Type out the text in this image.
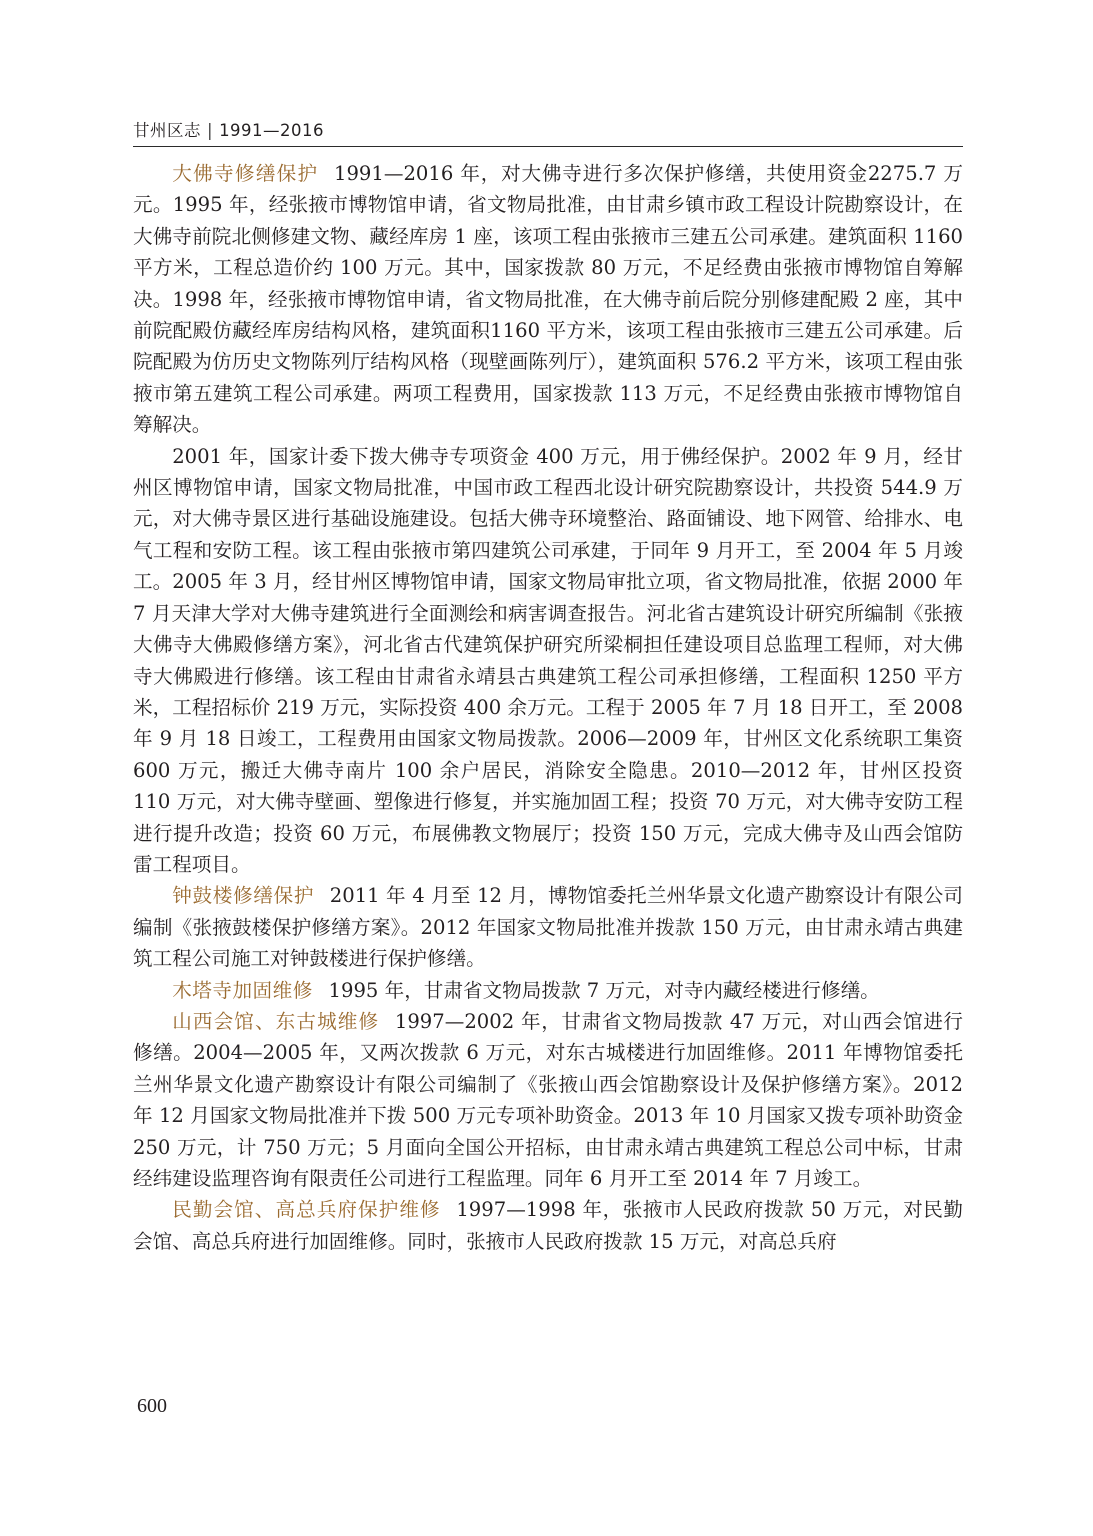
甘州区志 | 1991—2016

大佛寺修缮保护 1991—2016 年，对大佛寺进行多次保护修缮，共使用资金2275.7 万元。1995 年，经张掖市博物馆申请，省文物局批准，由甘肃乡镇市政工程设计院勘察设计，在大佛寺前院北侧修建文物、藏经库房 1 座，该项工程由张掖市三建五公司承建。建筑面积 1160 平方米，工程总造价约 100 万元。其中，国家拨款 80 万元，不足经费由张掖市博物馆自筹解决。1998 年，经张掖市博物馆申请，省文物局批准，在大佛寺前后院分别修建配殿 2 座，其中前院配殿仿藏经库房结构风格，建筑面积1160 平方米，该项工程由张掖市三建五公司承建。后院配殿为仿历史文物陈列厅结构风格（现壁画陈列厅），建筑面积 576.2 平方米，该项工程由张掖市第五建筑工程公司承建。两项工程费用，国家拨款 113 万元，不足经费由张掖市博物馆自筹解决。

2001 年，国家计委下拨大佛寺专项资金 400 万元，用于佛经保护。2002 年 9 月，经甘州区博物馆申请，国家文物局批准，中国市政工程西北设计研究院勘察设计，共投资 544.9 万元，对大佛寺景区进行基础设施建设。包括大佛寺环境整治、路面铺设、地下网管、给排水、电气工程和安防工程。该工程由张掖市第四建筑公司承建，于同年 9 月开工，至 2004 年 5 月竣工。2005 年 3 月，经甘州区博物馆申请，国家文物局审批立项，省文物局批准，依据 2000 年 7 月天津大学对大佛寺建筑进行全面测绘和病害调查报告。河北省古建筑设计研究所编制《张掖大佛寺大佛殿修缮方案》，河北省古代建筑保护研究所梁桐担任建设项目总监理工程师，对大佛寺大佛殿进行修缮。该工程由甘肃省永靖县古典建筑工程公司承担修缮，工程面积 1250 平方米，工程招标价 219 万元，实际投资 400 余万元。工程于 2005 年 7 月 18 日开工，至 2008 年 9 月 18 日竣工，工程费用由国家文物局拨款。2006—2009 年，甘州区文化系统职工集资 600 万元，搬迁大佛寺南片 100 余户居民，消除安全隐患。2010—2012 年，甘州区投资 110 万元，对大佛寺壁画、塑像进行修复，并实施加固工程；投资 70 万元，对大佛寺安防工程进行提升改造；投资 60 万元，布展佛教文物展厅；投资 150 万元，完成大佛寺及山西会馆防雷工程项目。

钟鼓楼修缮保护 2011 年 4 月至 12 月，博物馆委托兰州华景文化遗产勘察设计有限公司编制《张掖鼓楼保护修缮方案》。2012 年国家文物局批准并拨款 150 万元，由甘肃永靖古典建筑工程公司施工对钟鼓楼进行保护修缮。

木塔寺加固维修 1995 年，甘肃省文物局拨款 7 万元，对寺内藏经楼进行修缮。

山西会馆、东古城维修 1997—2002 年，甘肃省文物局拨款 47 万元，对山西会馆进行修缮。2004—2005 年，又两次拨款 6 万元，对东古城楼进行加固维修。2011 年博物馆委托兰州华景文化遗产勘察设计有限公司编制了《张掖山西会馆勘察设计及保护修缮方案》。2012 年 12 月国家文物局批准并下拨 500 万元专项补助资金。2013 年 10 月国家又拨专项补助资金 250 万元，计 750 万元；5 月面向全国公开招标，由甘肃永靖古典建筑工程总公司中标，甘肃经纬建设监理咨询有限责任公司进行工程监理。同年 6 月开工至 2014 年 7 月竣工。

民勤会馆、高总兵府保护维修 1997—1998 年，张掖市人民政府拨款 50 万元，对民勤会馆、高总兵府进行加固维修。同时，张掖市人民政府拨款 15 万元，对高总兵府

600
